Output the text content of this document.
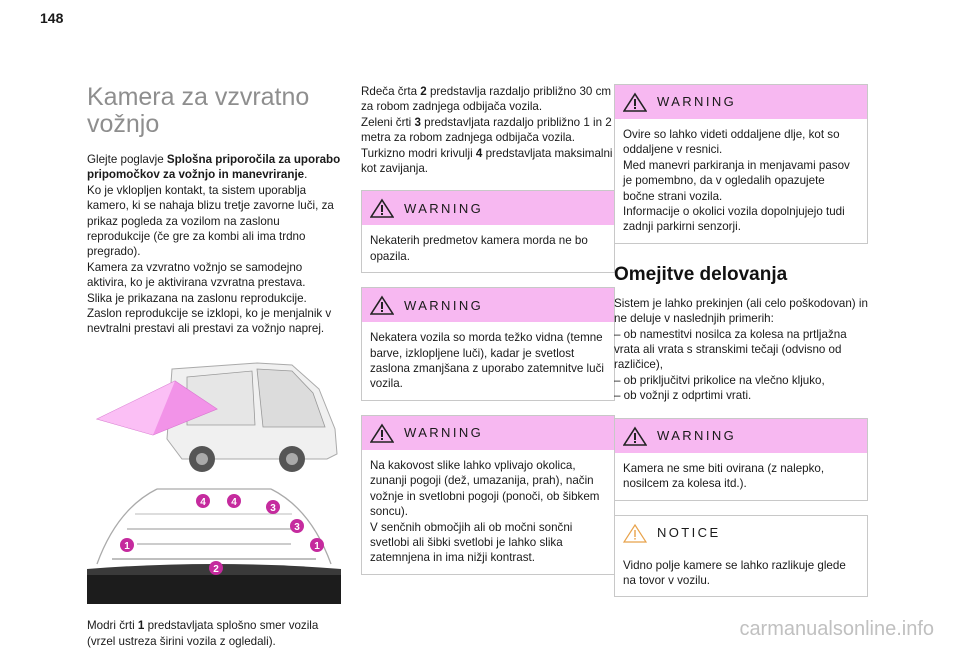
148
Kamera za vzvratno vožnjo

Glejte poglavje Splošna priporočila za uporabo pripomočkov za vožnjo in manevriranje.

Ko je vklopljen kontakt, ta sistem uporablja kamero, ki se nahaja blizu tretje zavorne luči, za prikaz pogleda za vozilom na zaslonu reprodukcije (če gre za kombi ali ima trdno pregrado).

Kamera za vzvratno vožnjo se samodejno aktivira, ko je aktivirana vzvratna prestava.

Slika je prikazana na zaslonu reprodukcije.

Zaslon reprodukcije se izklopi, ko je menjalnik v nevtralni prestavi ali prestavi za vožnjo naprej.

4	4
3
3
1	1
2

Modri črti 1 predstavljata splošno smer vozila (vrzel ustreza širini vozila z ogledali).

Rdeča črta 2 predstavlja razdaljo približno 30 cm za robom zadnjega odbijača vozila.

Zeleni črti 3 predstavljata razdaljo približno 1 in 2 metra za robom zadnjega odbijača vozila.

Turkizno modri krivulji 4 predstavljata maksimalni kot zavijanja.

WARNING

Nekaterih predmetov kamera morda ne bo opazila.

WARNING

Nekatera vozila so morda težko vidna (temne barve, izklopljene luči), kadar je svetlost zaslona zmanjšana z uporabo zatemnitve luči vozila.

WARNING

Na kakovost slike lahko vplivajo okolica, zunanji pogoji (dež, umazanija, prah), način vožnje in svetlobni pogoji (ponoči, ob šibkem soncu).

V senčnih območjih ali ob močni sončni svetlobi ali šibki svetlobi je lahko slika zatemnjena in ima nižji kontrast.

WARNING

Ovire so lahko videti oddaljene dlje, kot so oddaljene v resnici.

Med manevri parkiranja in menjavami pasov je pomembno, da v ogledalih opazujete bočne strani vozila.

Informacije o okolici vozila dopolnjujejo tudi zadnji parkirni senzorji.

Omejitve delovanja

Sistem je lahko prekinjen (ali celo poškodovan) in ne deluje v naslednjih primerih:

– ob namestitvi nosilca za kolesa na prtljažna vrata ali vrata s stranskimi tečaji (odvisno od različice),

– ob priključitvi prikolice na vlečno kljuko,

– ob vožnji z odprtimi vrati.

WARNING

Kamera ne sme biti ovirana (z nalepko, nosilcem za kolesa itd.).

NOTICE

Vidno polje kamere se lahko razlikuje glede na tovor v vozilu.

carmanualsonline.info
